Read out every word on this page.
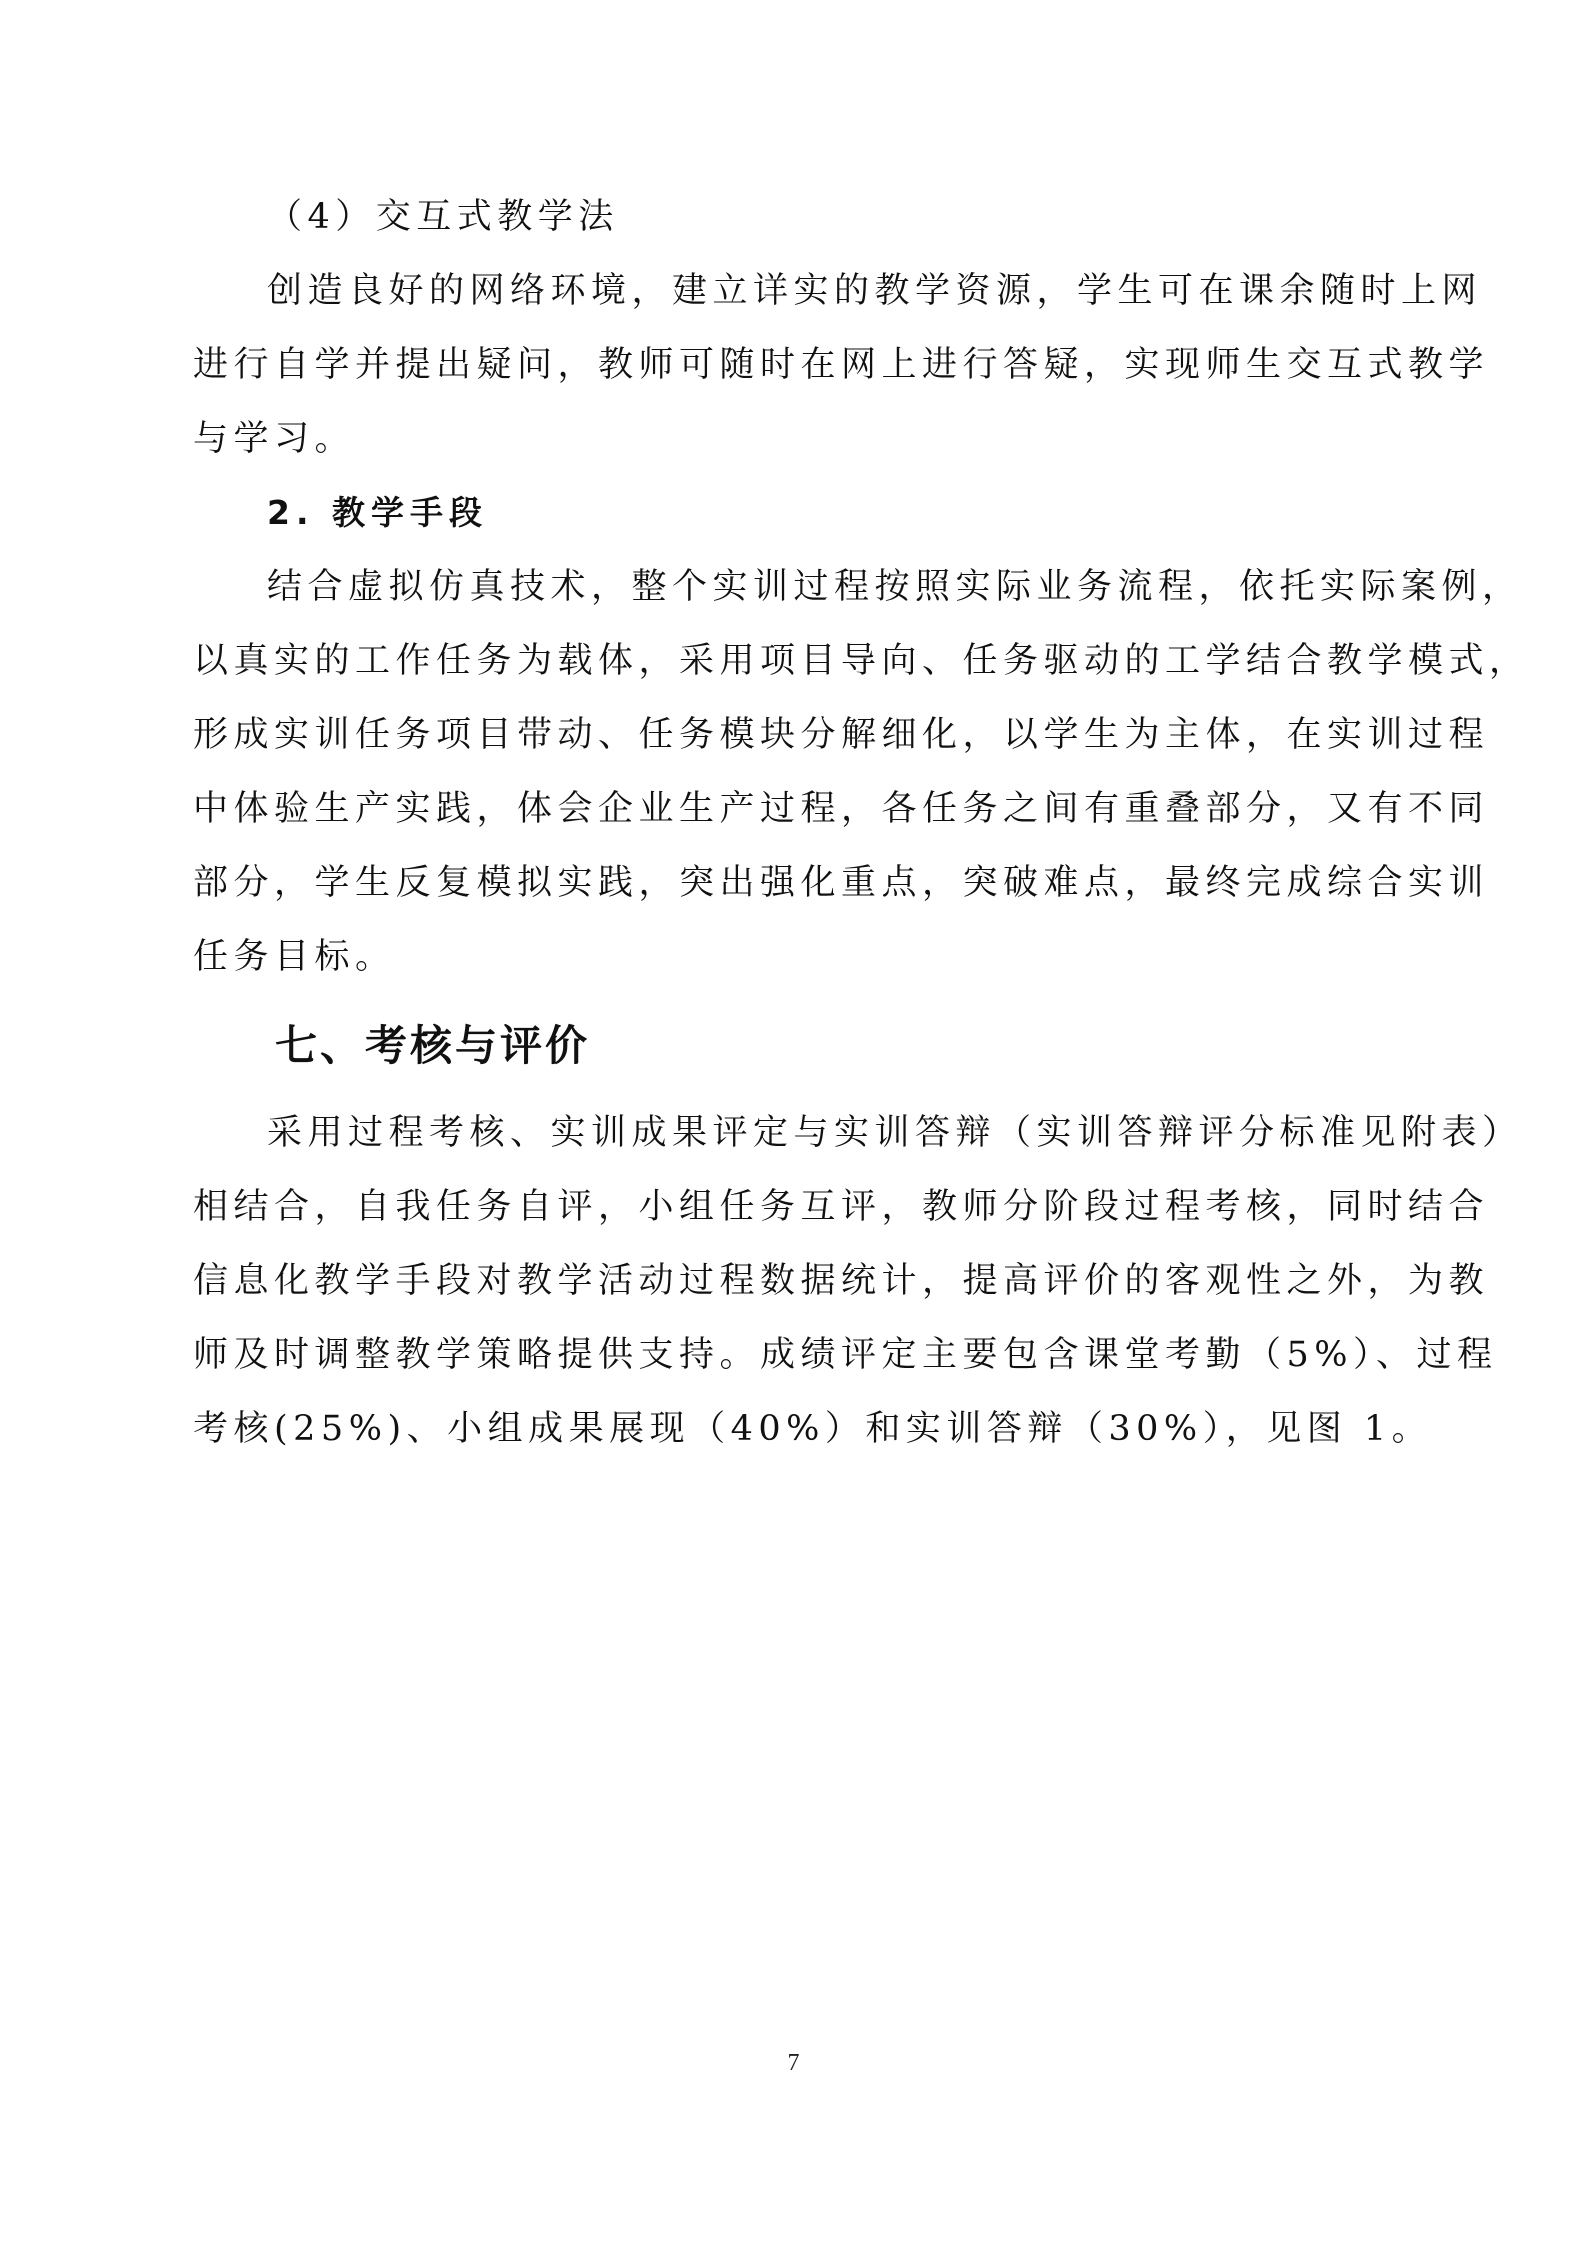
（4）交互式教学法

创造良好的网络环境，建立详实的教学资源，学生可在课余随时上网

进行自学并提出疑问，教师可随时在网上进行答疑，实现师生交互式教学

与学习。

2. 教学手段

结合虚拟仿真技术，整个实训过程按照实际业务流程，依托实际案例，

以真实的工作任务为载体，采用项目导向、任务驱动的工学结合教学模式，

形成实训任务项目带动、任务模块分解细化，以学生为主体，在实训过程

中体验生产实践，体会企业生产过程，各任务之间有重叠部分，又有不同

部分，学生反复模拟实践，突出强化重点，突破难点，最终完成综合实训

任务目标。

七、考核与评价

采用过程考核、实训成果评定与实训答辩（实训答辩评分标准见附表）

相结合，自我任务自评，小组任务互评，教师分阶段过程考核，同时结合

信息化教学手段对教学活动过程数据统计，提高评价的客观性之外，为教

师及时调整教学策略提供支持。成绩评定主要包含课堂考勤（5%）、过程

考核(25%)、小组成果展现（40%）和实训答辩（30%），见图 1。

7
